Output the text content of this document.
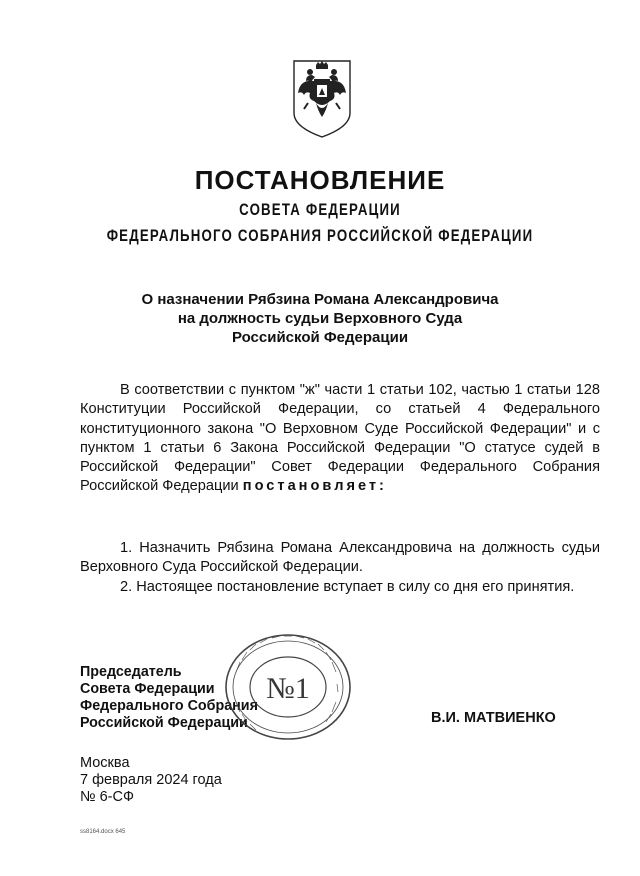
ПОСТАНОВЛЕНИЕ
СОВЕТА ФЕДЕРАЦИИ
ФЕДЕРАЛЬНОГО СОБРАНИЯ РОССИЙСКОЙ ФЕДЕРАЦИИ
О назначении Рябзина Романа Александровича
на должность судьи Верховного Суда
Российской Федерации
В соответствии с пунктом "ж" части 1 статьи 102, частью 1 статьи 128 Конституции Российской Федерации, со статьей 4 Федерального конституционного закона "О Верховном Суде Российской Федерации" и с пунктом 1 статьи 6 Закона Российской Федерации "О статусе судей в Российской Федерации" Совет Федерации Федерального Собрания Российской Федерации постановляет:
1. Назначить Рябзина Романа Александровича на должность судьи Верховного Суда Российской Федерации.
2. Настоящее постановление вступает в силу со дня его принятия.
Председатель
Совета Федерации
Федерального Собрания
Российской Федерации
№1
В.И. МАТВИЕНКО
Москва
7 февраля 2024 года
№ 6-СФ
ss8164.docx 645
